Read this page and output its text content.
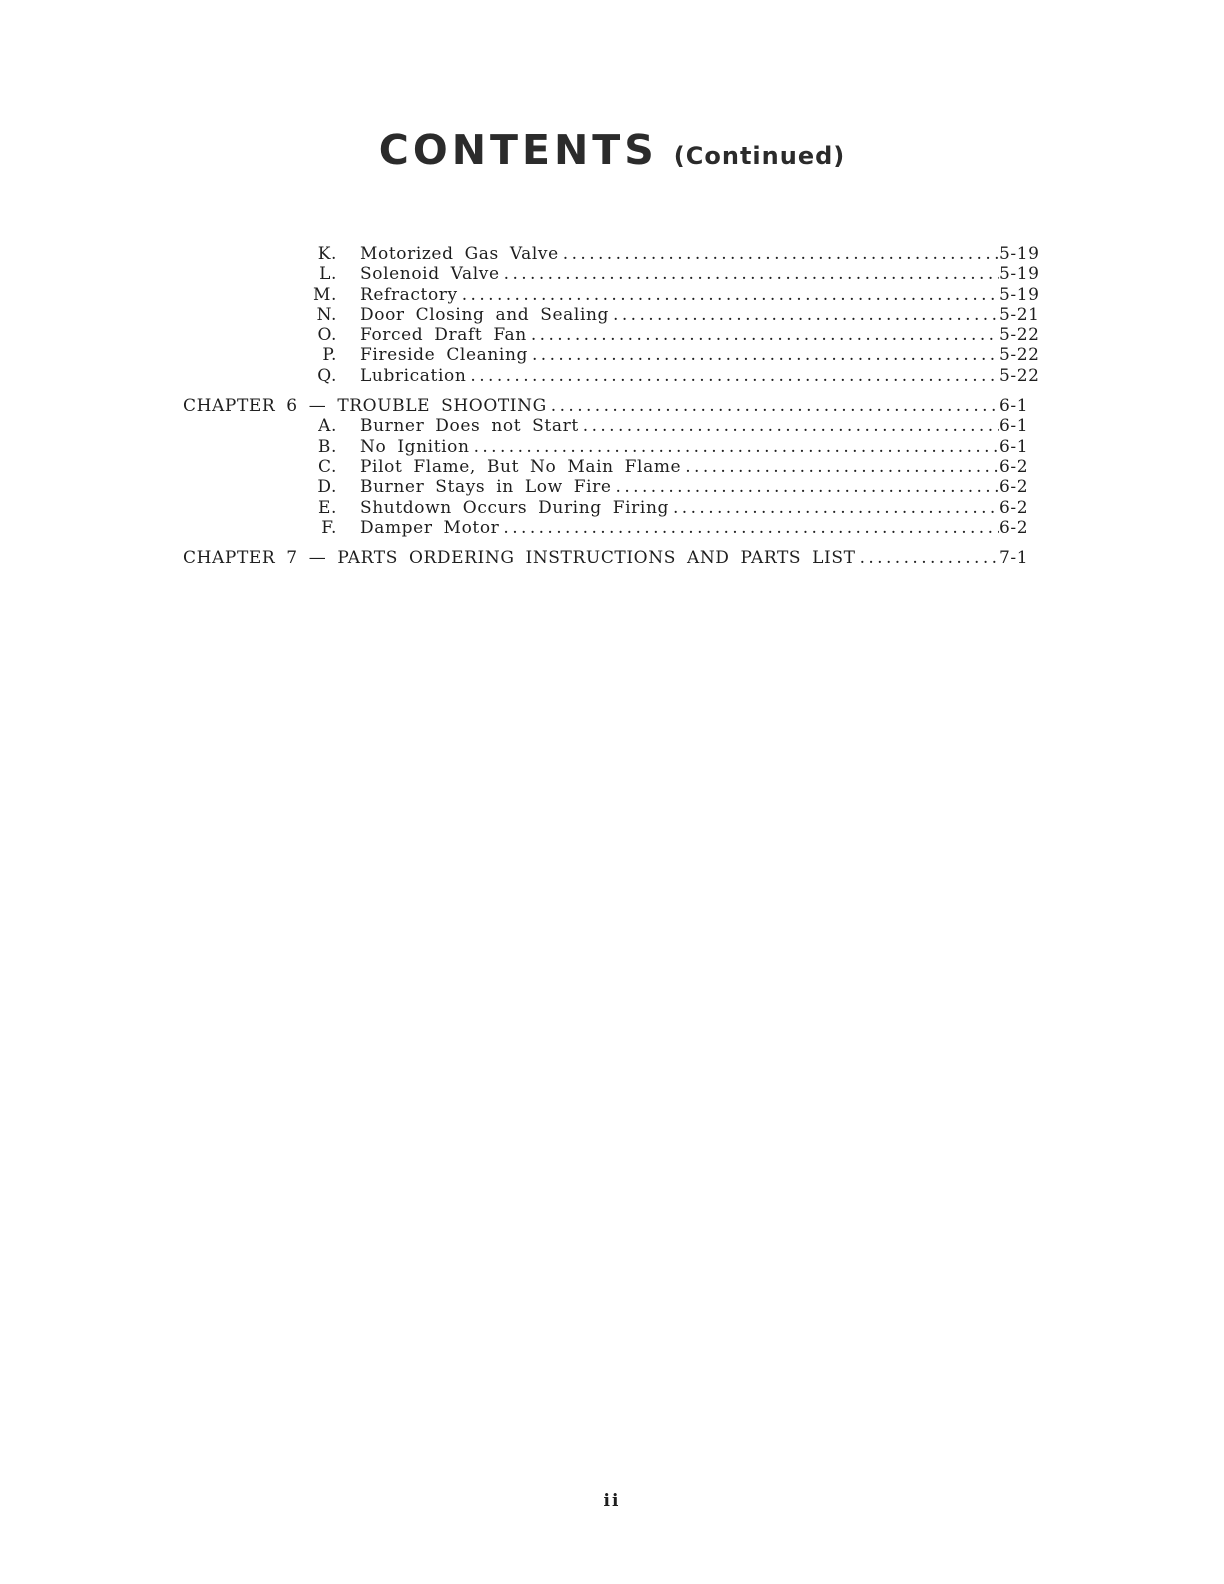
CONTENTS (Continued)
K.	Motorized Gas Valve .....	5-19
L.	Solenoid Valve .....	5-19
M.	Refractory .....	5-19
N.	Door Closing and Sealing .....	5-21
O.	Forced Draft Fan .....	5-22
P.	Fireside Cleaning .....	5-22
Q.	Lubrication .....	5-22
CHAPTER 6 — TROUBLE SHOOTING .....	6-1
A.	Burner Does not Start .....	6-1
B.	No Ignition .....	6-1
C.	Pilot Flame, But No Main Flame .....	6-2
D.	Burner Stays in Low Fire .....	6-2
E.	Shutdown Occurs During Firing .....	6-2
F.	Damper Motor .....	6-2
CHAPTER 7 — PARTS ORDERING INSTRUCTIONS AND PARTS LIST .....	7-1
ii
